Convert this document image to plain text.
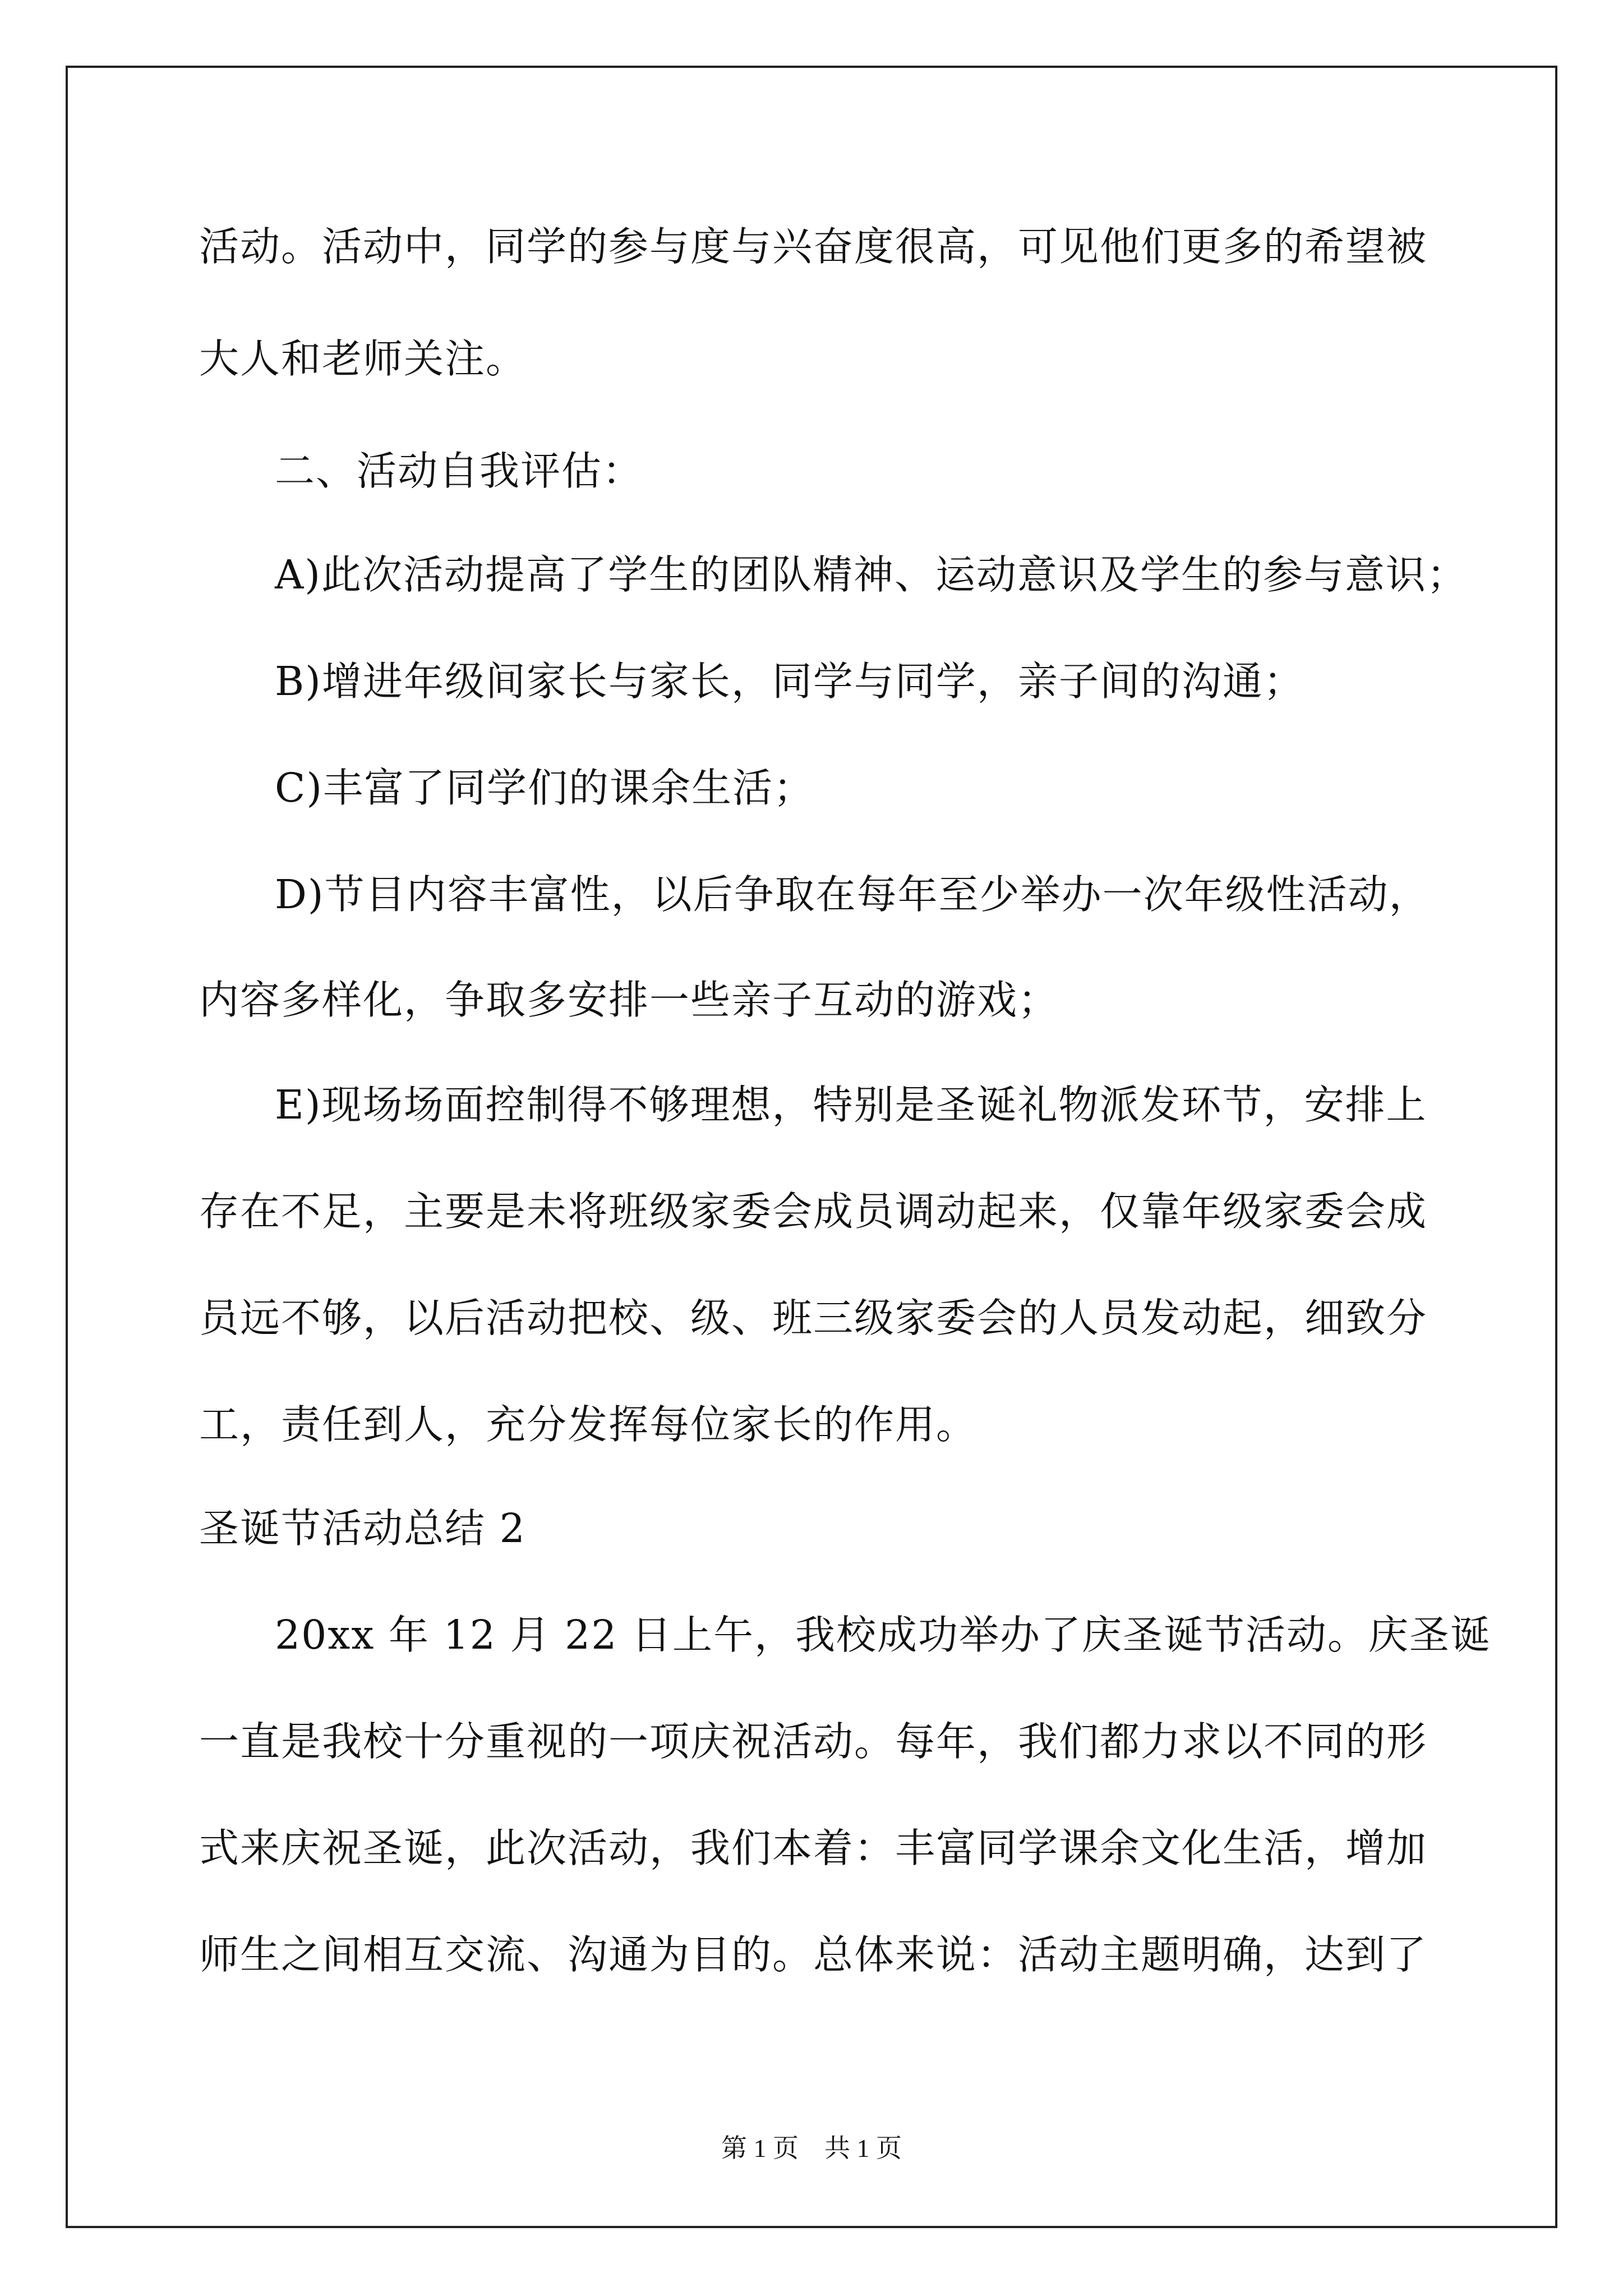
活动。活动中，同学的参与度与兴奋度很高，可见他们更多的希望被
大人和老师关注。
二、活动自我评估：
A)此次活动提高了学生的团队精神、运动意识及学生的参与意识；
B)增进年级间家长与家长，同学与同学，亲子间的沟通；
C)丰富了同学们的课余生活；
D)节目内容丰富性，以后争取在每年至少举办一次年级性活动，
内容多样化，争取多安排一些亲子互动的游戏；
E)现场场面控制得不够理想，特别是圣诞礼物派发环节，安排上
存在不足，主要是未将班级家委会成员调动起来，仅靠年级家委会成
员远不够，以后活动把校、级、班三级家委会的人员发动起，细致分
工，责任到人，充分发挥每位家长的作用。
圣诞节活动总结 2
20xx 年 12 月 22 日上午，我校成功举办了庆圣诞节活动。庆圣诞
一直是我校十分重视的一项庆祝活动。每年，我们都力求以不同的形
式来庆祝圣诞，此次活动，我们本着：丰富同学课余文化生活，增加
师生之间相互交流、沟通为目的。总体来说：活动主题明确，达到了
第 1 页　共 1 页
